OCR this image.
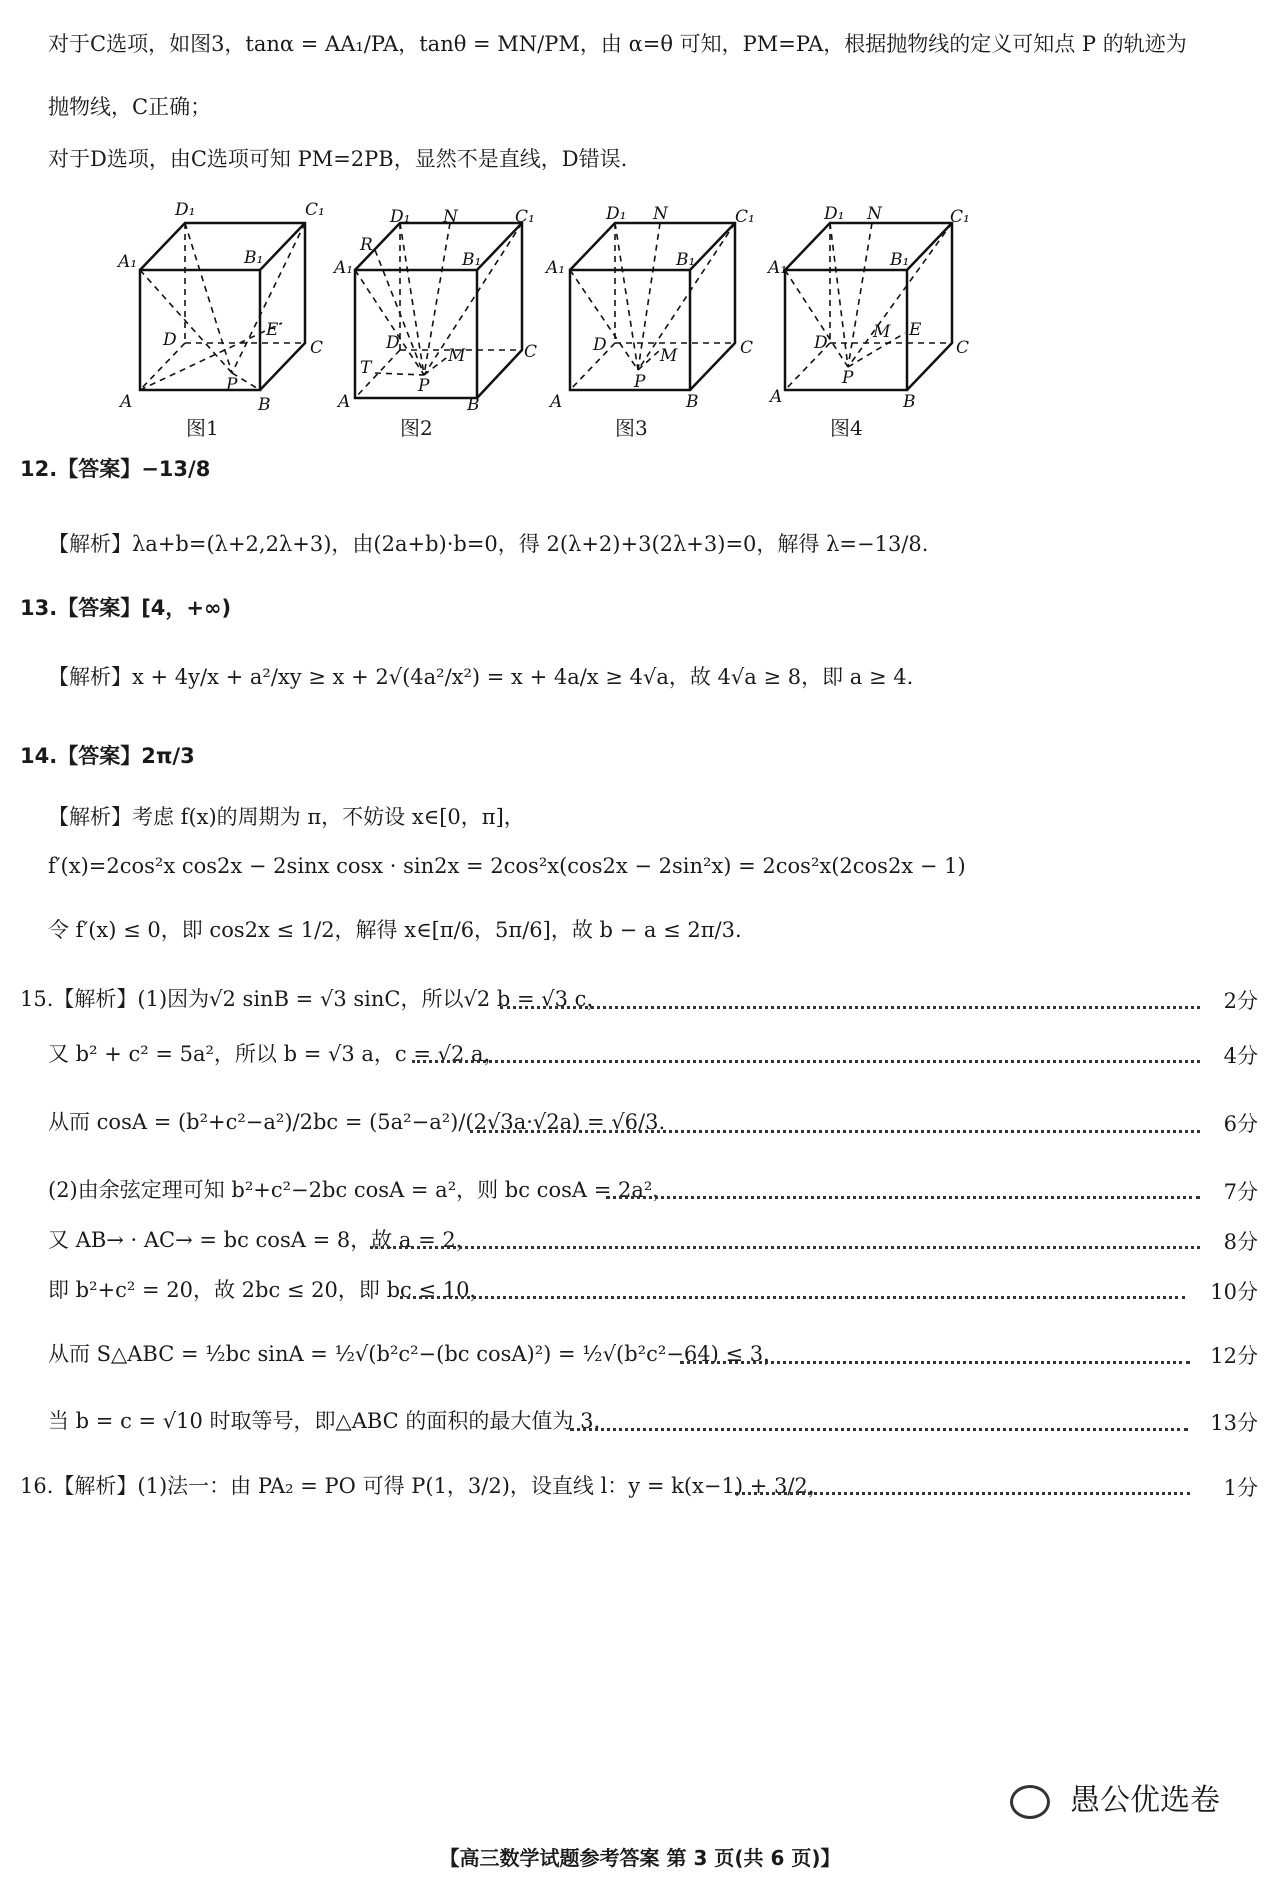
对于C选项，如图3，tanα = AA₁/PA，tanθ = MN/PM，由 α=θ 可知，PM=PA，根据抛物线的定义可知点 P 的轨迹为
抛物线，C正确；
对于D选项，由C选项可知 PM=2PB，显然不是直线，D错误.
D₁	C₁
A₁	B₁
D	C
E
P
A	B
D₁ N	C₁
R
A₁	B₁
D	C
M
T
P
A	B
D₁ N	C₁
A₁	B₁
D	C
M
P
A	B
D₁ N	C₁
A₁	B₁
D	C
M E
P
A	B
图1	图2	图3	图4
12.【答案】−13/8
【解析】λa+b=(λ+2,2λ+3)，由(2a+b)·b=0，得 2(λ+2)+3(2λ+3)=0，解得 λ=−13/8.
13.【答案】[4，+∞)
【解析】x + 4y/x + a²/xy ≥ x + 2√(4a²/x²) = x + 4a/x ≥ 4√a，故 4√a ≥ 8，即 a ≥ 4.
14.【答案】2π/3
【解析】考虑 f(x)的周期为 π，不妨设 x∈[0，π]，
f′(x)=2cos²x cos2x − 2sinx cosx · sin2x = 2cos²x(cos2x − 2sin²x) = 2cos²x(2cos2x − 1)
令 f′(x) ≤ 0，即 cos2x ≤ 1/2，解得 x∈[π/6，5π/6]，故 b − a ≤ 2π/3.
15.【解析】(1)因为√2 sinB = √3 sinC，所以√2 b = √3 c，	2分
又 b² + c² = 5a²，所以 b = √3 a，c = √2 a，	4分
从而 cosA = (b²+c²−a²)/2bc = (5a²−a²)/(2√3a·√2a) = √6/3.	6分
(2)由余弦定理可知 b²+c²−2bc cosA = a²，则 bc cosA = 2a²，	7分
又 AB→ · AC→ = bc cosA = 8，故 a = 2，	8分
即 b²+c² = 20，故 2bc ≤ 20，即 bc ≤ 10，	10分
从而 S△ABC = ½bc sinA = ½√(b²c²−(bc cosA)²) = ½√(b²c²−64) ≤ 3，	12分
当 b = c = √10 时取等号，即△ABC 的面积的最大值为 3.	13分
16.【解析】(1)法一：由 PA₂ = PO 可得 P(1，3/2)，设直线 l：y = k(x−1) + 3/2，	1分
愚公优选卷
【高三数学试题参考答案 第 3 页(共 6 页)】
